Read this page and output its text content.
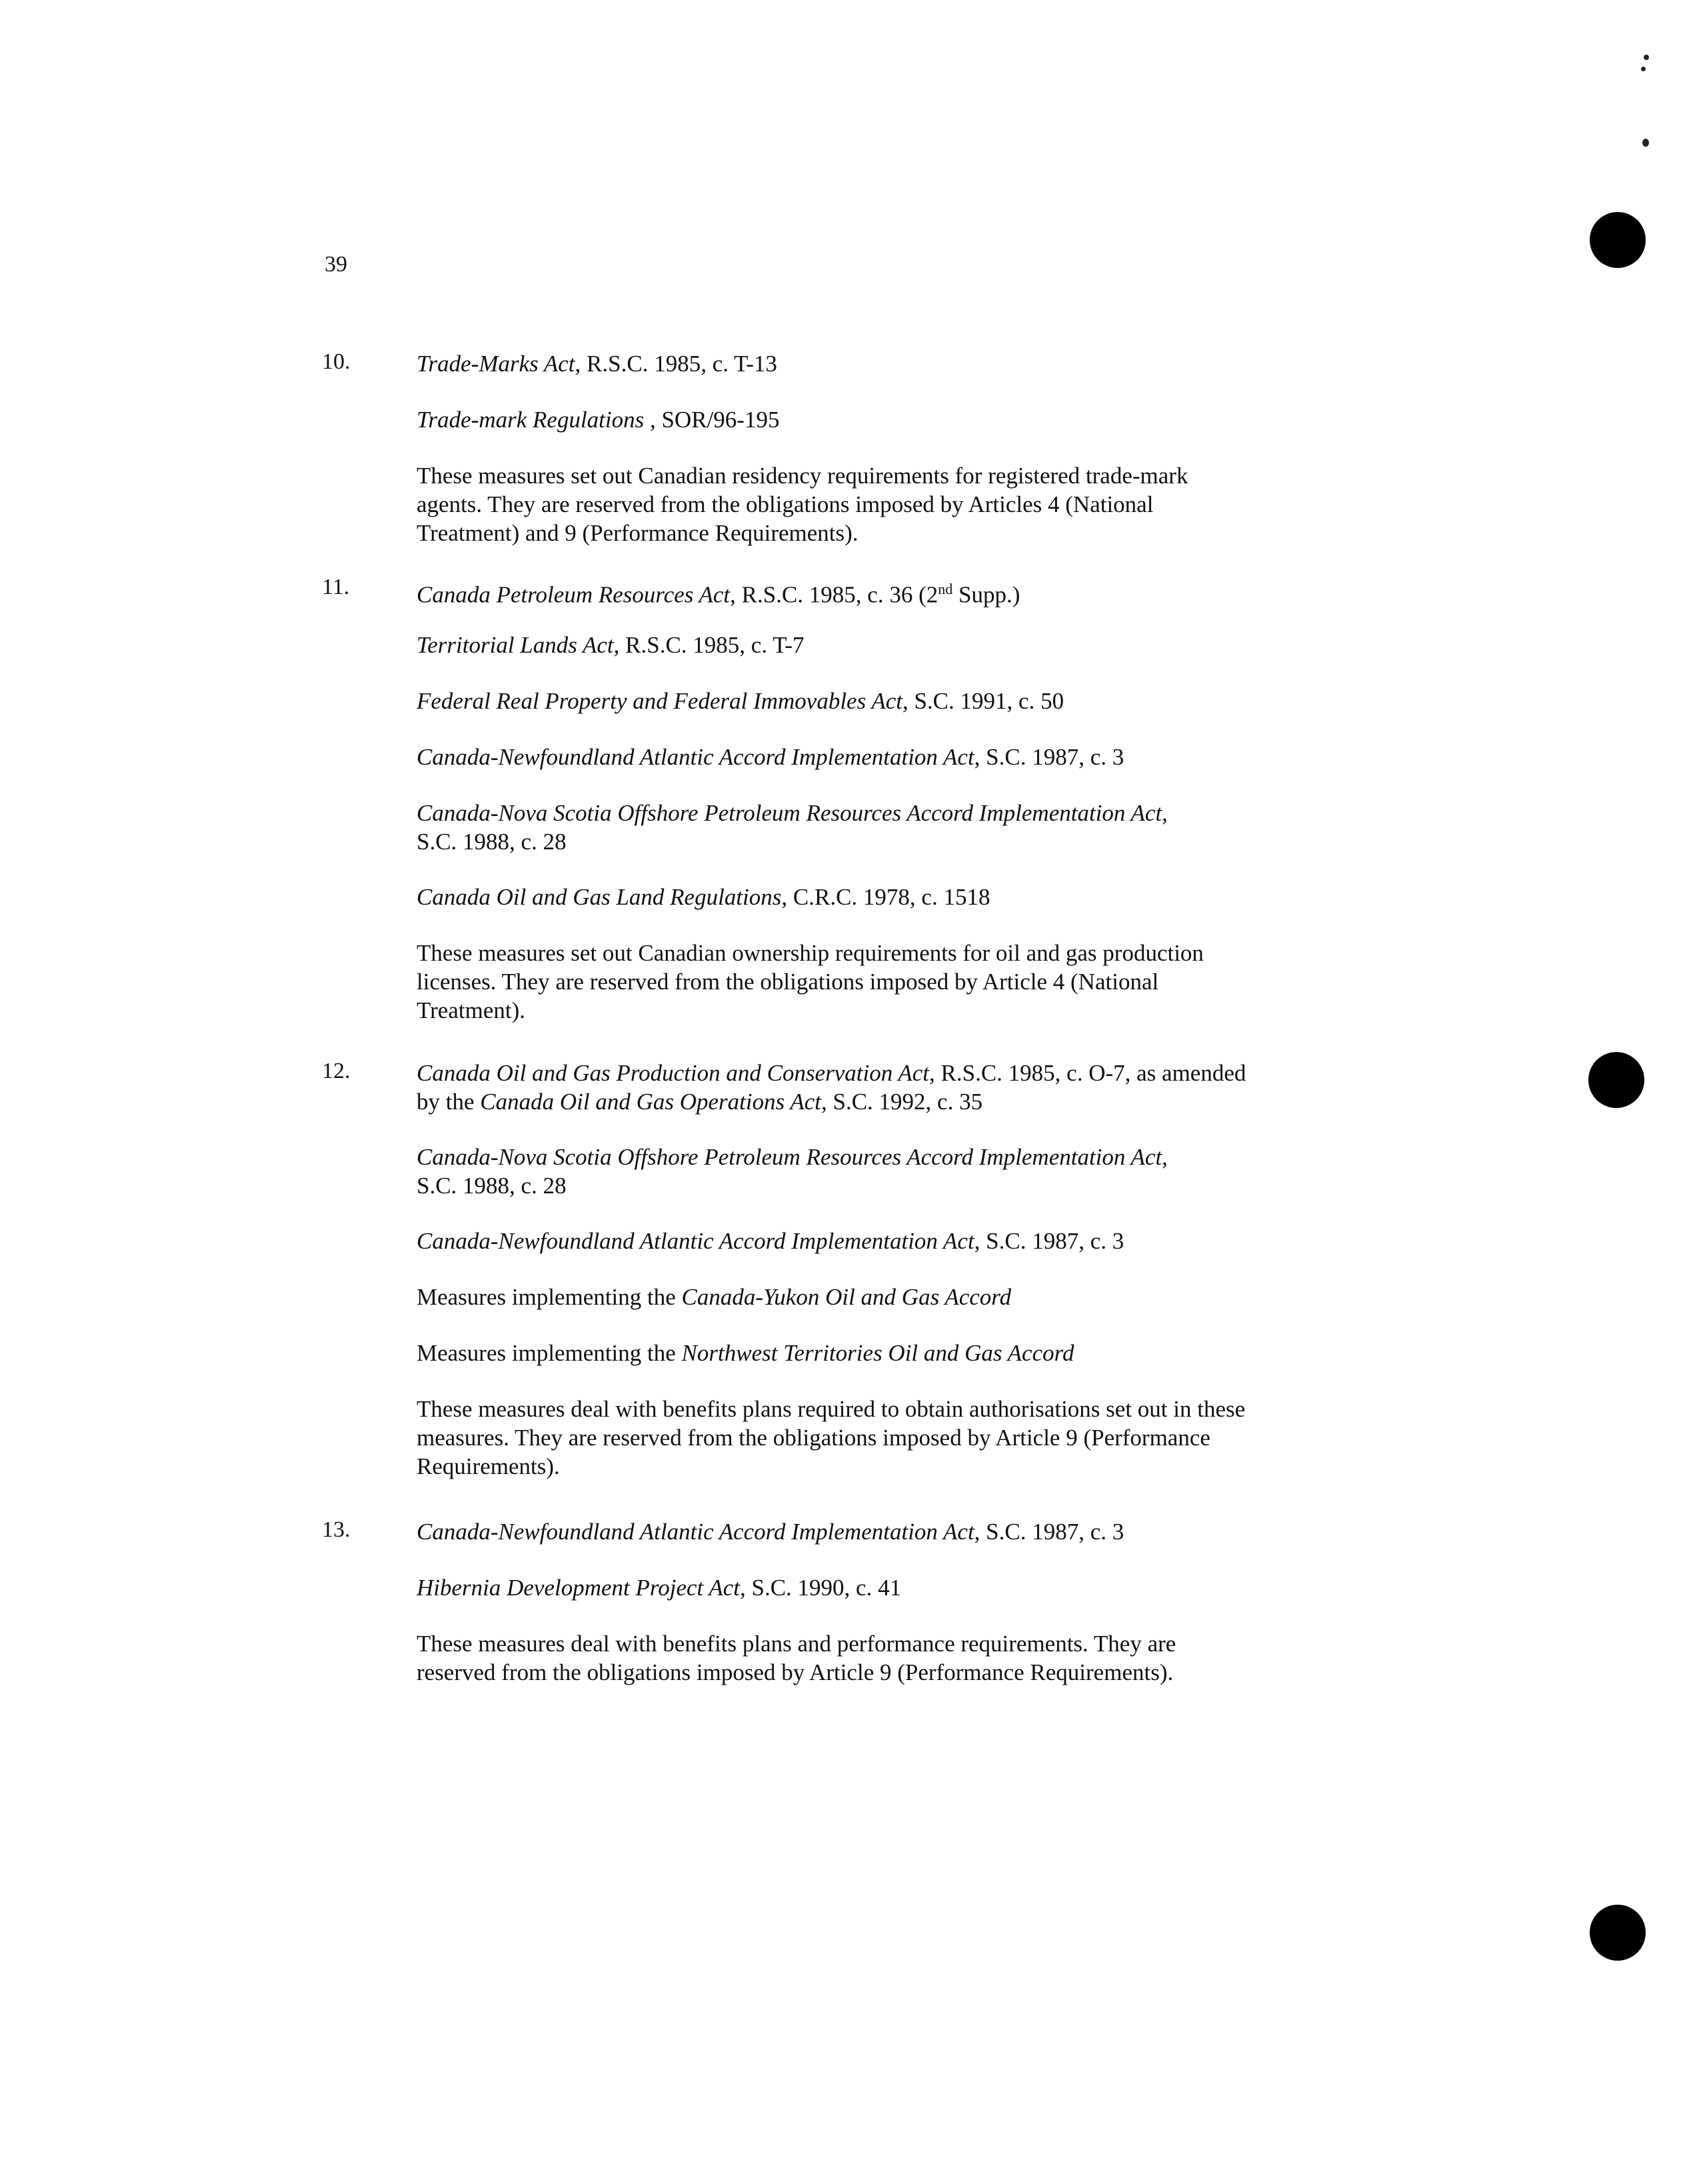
39
10.	Trade-Marks Act, R.S.C. 1985, c. T-13
Trade-mark Regulations , SOR/96-195
These measures set out Canadian residency requirements for registered trade-mark
agents. They are reserved from the obligations imposed by Articles 4 (National
Treatment) and 9 (Performance Requirements).
11.	Canada Petroleum Resources Act, R.S.C. 1985, c. 36 (2nd Supp.)
Territorial Lands Act, R.S.C. 1985, c. T-7
Federal Real Property and Federal Immovables Act, S.C. 1991, c. 50
Canada-Newfoundland Atlantic Accord Implementation Act, S.C. 1987, c. 3
Canada-Nova Scotia Offshore Petroleum Resources Accord Implementation Act,
S.C. 1988, c. 28
Canada Oil and Gas Land Regulations, C.R.C. 1978, c. 1518
These measures set out Canadian ownership requirements for oil and gas production
licenses. They are reserved from the obligations imposed by Article 4 (National
Treatment).
12.	Canada Oil and Gas Production and Conservation Act, R.S.C. 1985, c. O-7, as amended
by the Canada Oil and Gas Operations Act, S.C. 1992, c. 35
Canada-Nova Scotia Offshore Petroleum Resources Accord Implementation Act,
S.C. 1988, c. 28
Canada-Newfoundland Atlantic Accord Implementation Act, S.C. 1987, c. 3
Measures implementing the Canada-Yukon Oil and Gas Accord
Measures implementing the Northwest Territories Oil and Gas Accord
These measures deal with benefits plans required to obtain authorisations set out in these
measures. They are reserved from the obligations imposed by Article 9 (Performance
Requirements).
13.	Canada-Newfoundland Atlantic Accord Implementation Act, S.C. 1987, c. 3
Hibernia Development Project Act, S.C. 1990, c. 41
These measures deal with benefits plans and performance requirements. They are
reserved from the obligations imposed by Article 9 (Performance Requirements).
